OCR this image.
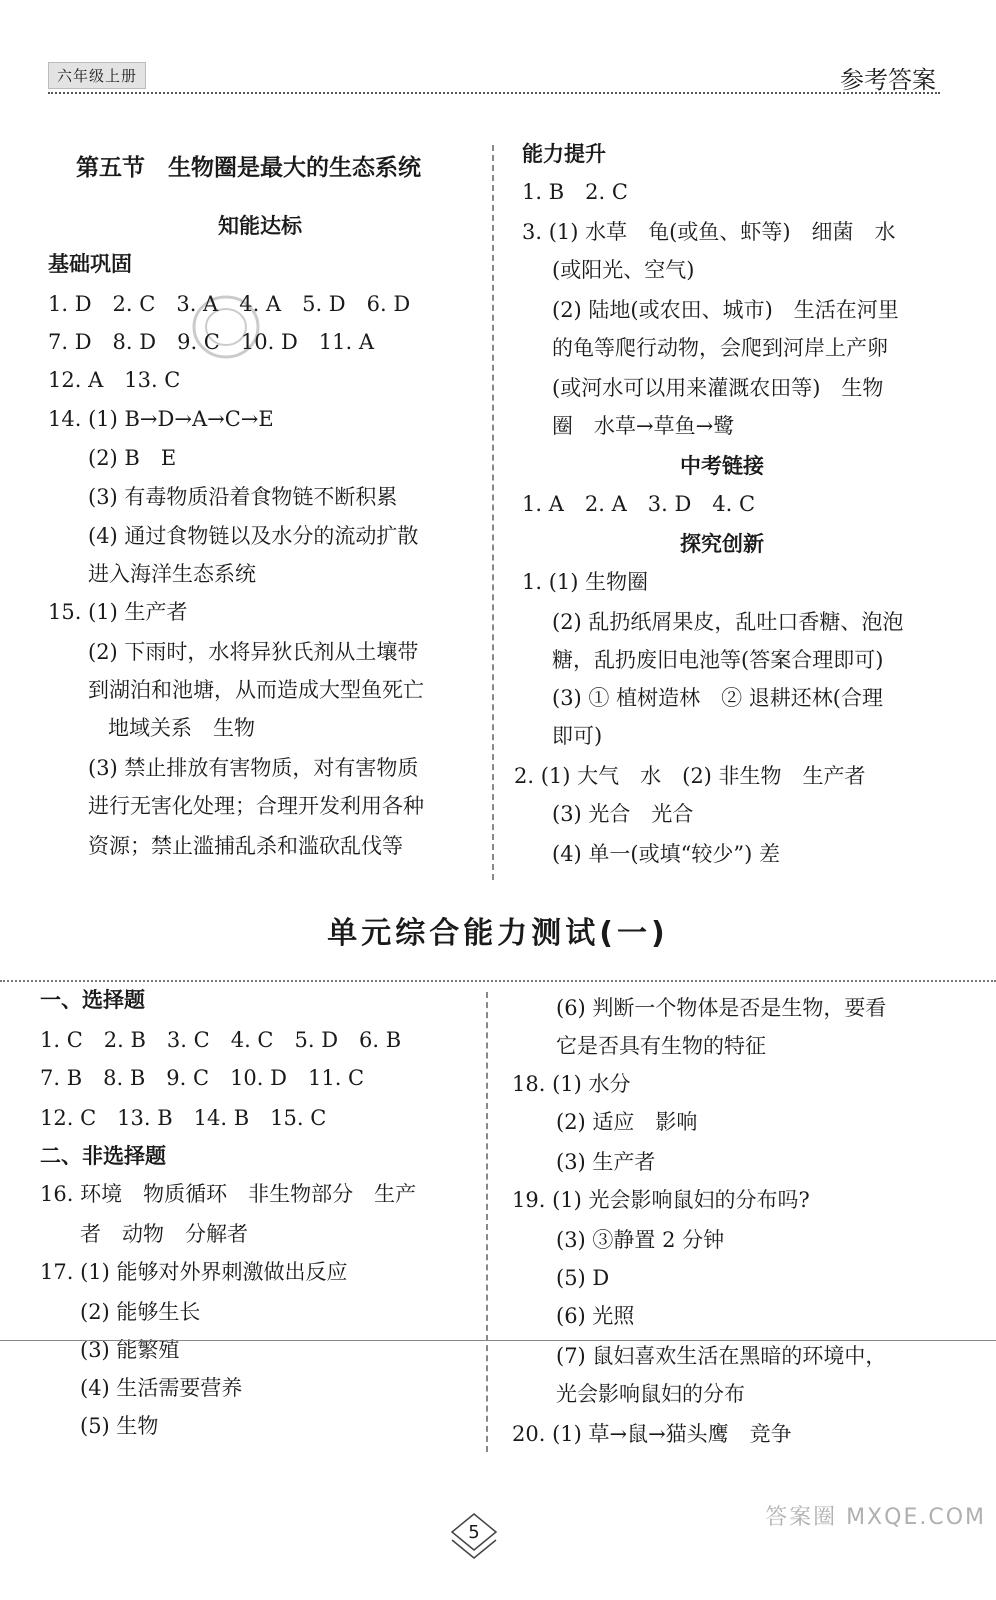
六年级上册	参考答案
第五节　生物圈是最大的生态系统
知能达标
基础巩固
1. D　2. C　3. A　4. A　5. D　6. D
7. D　8. D　9. C　10. D　11. A
12. A　13. C
14. (1) B→D→A→C→E
(2) B　E
(3) 有毒物质沿着食物链不断积累
(4) 通过食物链以及水分的流动扩散
进入海洋生态系统
15. (1) 生产者
(2) 下雨时，水将异狄氏剂从土壤带
到湖泊和池塘，从而造成大型鱼死亡
地域关系　生物
(3) 禁止排放有害物质，对有害物质
进行无害化处理；合理开发利用各种
资源；禁止滥捕乱杀和滥砍乱伐等
能力提升
1. B　2. C
3. (1) 水草　龟(或鱼、虾等)　细菌　水
(或阳光、空气)
(2) 陆地(或农田、城市)　生活在河里
的龟等爬行动物，会爬到河岸上产卵
(或河水可以用来灌溉农田等)　生物
圈　水草→草鱼→鹭
中考链接
1. A　2. A　3. D　4. C
探究创新
1. (1) 生物圈
(2) 乱扔纸屑果皮，乱吐口香糖、泡泡
糖，乱扔废旧电池等(答案合理即可)
(3) ① 植树造林　② 退耕还林(合理
即可)
2. (1) 大气　水　(2) 非生物　生产者
(3) 光合　光合
(4) 单一(或填“较少”) 差
单元综合能力测试(一)
一、选择题
1. C　2. B　3. C　4. C　5. D　6. B
7. B　8. B　9. C　10. D　11. C
12. C　13. B　14. B　15. C
二、非选择题
16. 环境　物质循环　非生物部分　生产
者　动物　分解者
17. (1) 能够对外界刺激做出反应
(2) 能够生长
(3) 能繁殖
(4) 生活需要营养
(5) 生物
(6) 判断一个物体是否是生物，要看
它是否具有生物的特征
18. (1) 水分
(2) 适应　影响
(3) 生产者
19. (1) 光会影响鼠妇的分布吗?
(3) ③静置 2 分钟
(5) D
(6) 光照
(7) 鼠妇喜欢生活在黑暗的环境中，
光会影响鼠妇的分布
20. (1) 草→鼠→猫头鹰　竞争
5
答案圈 MXQE.COM
